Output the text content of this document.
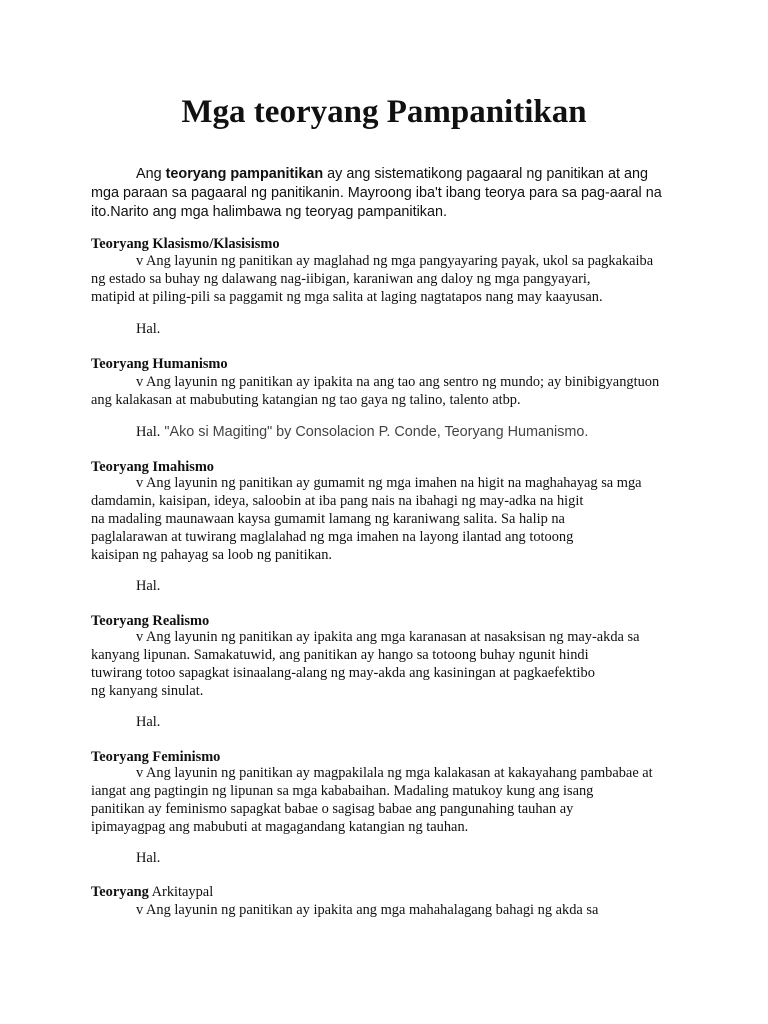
Mga teoryang Pampanitikan
Ang teoryang pampanitikan ay ang sistematikong pagaaral ng panitikan at ang
mga paraan sa pagaaral ng panitikanin. Mayroong iba't ibang teorya para sa pag-aaral na
ito.Narito ang mga halimbawa ng teoryag pampanitikan.
Teoryang Klasismo/Klasisismo
v Ang layunin ng panitikan ay maglahad ng mga pangyayaring payak, ukol sa pagkakaiba
ng estado sa buhay ng dalawang nag-iibigan, karaniwan ang daloy ng mga pangyayari,
matipid at piling-pili sa paggamit ng mga salita at laging nagtatapos nang may kaayusan.
Hal.
Teoryang Humanismo
v Ang layunin ng panitikan ay ipakita na ang tao ang sentro ng mundo; ay binibigyangtuon
ang kalakasan at mabubuting katangian ng tao gaya ng talino, talento atbp.
Hal. "Ako si Magiting" by Consolacion P. Conde, Teoryang Humanismo.
Teoryang Imahismo
v Ang layunin ng panitikan ay gumamit ng mga imahen na higit na maghahayag sa mga
damdamin, kaisipan, ideya, saloobin at iba pang nais na ibahagi ng may-adka na higit
na madaling maunawaan kaysa gumamit lamang ng karaniwang salita. Sa halip na
paglalarawan at tuwirang maglalahad ng mga imahen na layong ilantad ang totoong
kaisipan ng pahayag sa loob ng panitikan.
Hal.
Teoryang Realismo
v Ang layunin ng panitikan ay ipakita ang mga karanasan at nasaksisan ng may-akda sa
kanyang lipunan. Samakatuwid, ang panitikan ay hango sa totoong buhay ngunit hindi
tuwirang totoo sapagkat isinaalang-alang ng may-akda ang kasiningan at pagkaefektibo
ng kanyang sinulat.
Hal.
Teoryang Feminismo
v Ang layunin ng panitikan ay magpakilala ng mga kalakasan at kakayahang pambabae at
iangat ang pagtingin ng lipunan sa mga kababaihan. Madaling matukoy kung ang isang
panitikan ay feminismo sapagkat babae o sagisag babae ang pangunahing tauhan ay
ipimayagpag ang mabubuti at magagandang katangian ng tauhan.
Hal.
Teoryang Arkitaypal
v Ang layunin ng panitikan ay ipakita ang mga mahahalagang bahagi ng akda sa
